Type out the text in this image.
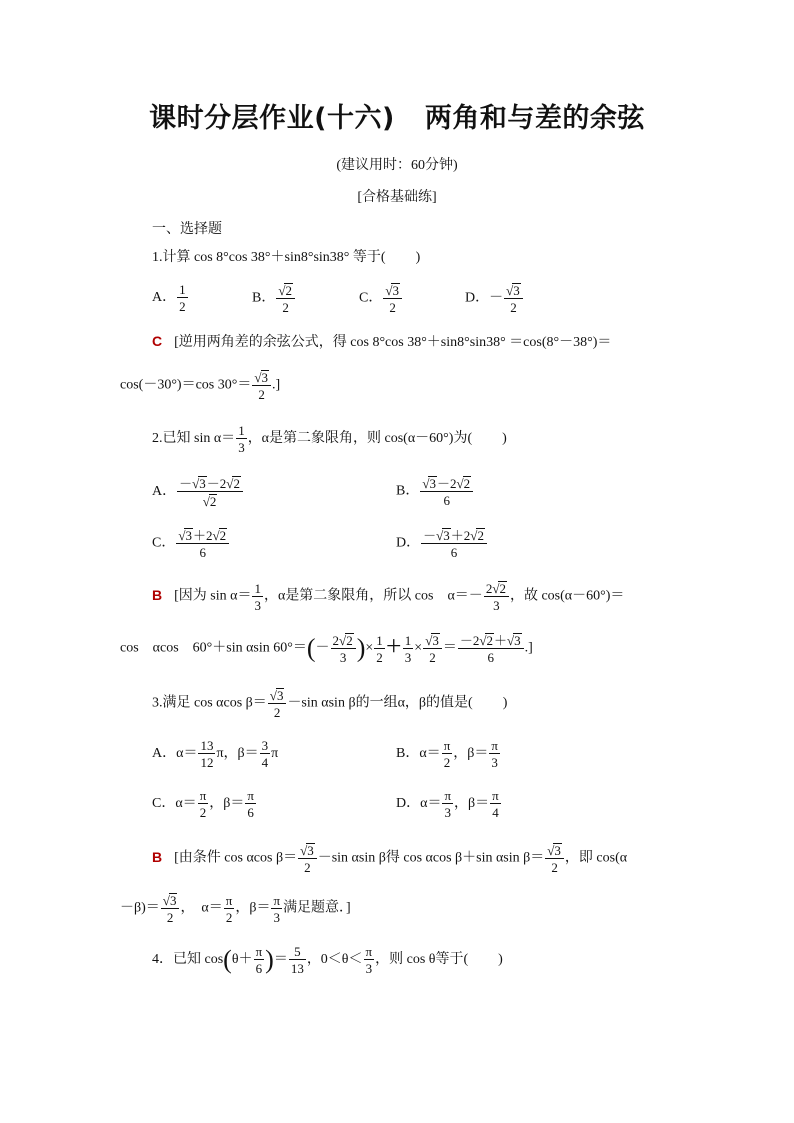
课时分层作业(十六) 两角和与差的余弦
(建议用时：60分钟)
[合格基础练]
一、选择题
1.计算 cos 8°cos 38°＋sin8°sin38° 等于( )
A． $\frac{1}{2}$	B． $\frac{√2}{2}$	C． $\frac{√3}{2}$	D．－ $\frac{√3}{2}$
C [逆用两角差的余弦公式，得 cos 8°cos 38°＋sin8°sin38° ＝cos(8°－38°)＝
cos(－30°)＝cos $30^\circ= \frac{√3}{2}$ .]
2.已知 $\sin \alpha= \frac{1}{3}$ ，α是第二象限角，则 cos(α－60°)为( )
A． $\frac{-√3-2√2}{√2}$	B． $\frac{√3-2√2}{6}$
C． $\frac{√3+2√2}{6}$	D． $\frac{-√3+2√2}{6}$
B [因为 $\sin \alpha= \frac{1}{3}$ ，α是第二象限角，所以 cos　$\alpha=- \frac{2√2}{3}$ ，故 cos(α－60°)＝
cos　αcos　60°＋sin αsin $60^\circ=(- \frac{2√2}{3}$ )× $\frac{1}{2} + \frac{1}{3} \times \frac{√3}{2} = \frac{-2√2+√3}{6}$ .]
3.满足 cos αcos $\beta= \frac{√3}{2} -\sin$ αsin β的一组α，β的值是( )
A．$\alpha= \frac{13}{12}$ π，$\beta= \frac{3}{4}$ π	B．$\alpha= \frac{\pi}{2}$ ，$\beta= \frac{\pi}{3}$
C．$\alpha= \frac{\pi}{2}$ ，$\beta= \frac{\pi}{6}$	D．$\alpha= \frac{\pi}{3}$ ，$\beta= \frac{\pi}{4}$
B [由条件 cos αcos $\beta= \frac{√3}{2} -\sin$ αsin β得 cos αcos β＋sin αsin $\beta= \frac{√3}{2}$ ，即 cos(α
$-\beta)= \frac{√3}{2}$ ，　$\alpha= \frac{\pi}{2}$ ，$\beta= \frac{\pi}{3}$ 满足题意．]
4．已知 $\cos(\theta+ \frac{\pi}{6}$ )＝ $\frac{5}{13}$ ，$0<\theta< \frac{\pi}{3}$ ，则 cos θ等于( )
